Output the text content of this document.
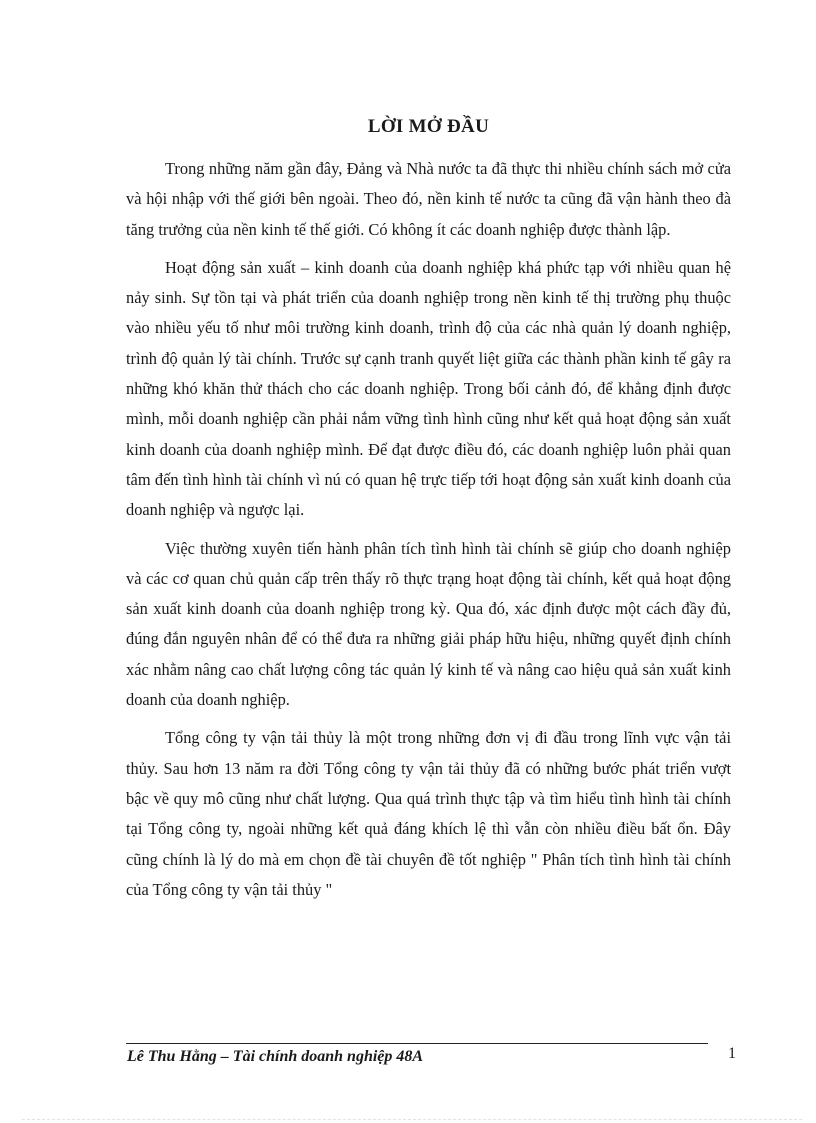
LỜI MỞ ĐẦU

Trong những năm gần đây, Đảng và Nhà nước ta đã thực thi nhiều chính sách mở cửa và hội nhập với thế giới bên ngoài. Theo đó, nền kinh tế nước ta cũng đã vận hành theo đà tăng trưởng của nền kinh tế thế giới. Có không ít các doanh nghiệp được thành lập.

Hoạt động sản xuất – kinh doanh của doanh nghiệp khá phức tạp với nhiều quan hệ nảy sinh. Sự tồn tại và phát triển của doanh nghiệp trong nền kinh tế thị trường phụ thuộc vào nhiều yếu tố như môi trường kinh doanh, trình độ của các nhà quản lý doanh nghiệp, trình độ quản lý tài chính. Trước sự cạnh tranh quyết liệt giữa các thành phần kinh tế gây ra những khó khăn thử thách cho các doanh nghiệp. Trong bối cảnh đó, để khẳng định được mình, mỗi doanh nghiệp cần phải nắm vững tình hình cũng như kết quả hoạt động sản xuất kinh doanh của doanh nghiệp mình. Để đạt được điều đó, các doanh nghiệp luôn phải quan tâm đến tình hình tài chính vì nú có quan hệ trực tiếp tới hoạt động sản xuất kinh doanh của doanh nghiệp và ngược lại.

Việc thường xuyên tiến hành phân tích tình hình tài chính sẽ giúp cho doanh nghiệp và các cơ quan chủ quản cấp trên thấy rõ thực trạng hoạt động tài chính, kết quả hoạt động sản xuất kinh doanh của doanh nghiệp trong kỳ. Qua đó, xác định được một cách đầy đủ, đúng đắn nguyên nhân để có thể đưa ra những giải pháp hữu hiệu, những quyết định chính xác nhằm nâng cao chất lượng công tác quản lý kinh tế và nâng cao hiệu quả sản xuất kinh doanh của doanh nghiệp.

Tổng công ty vận tải thủy là một trong những đơn vị đi đầu trong lĩnh vực vận tải thủy. Sau hơn 13 năm ra đời Tổng công ty vận tải thủy đã có những bước phát triển vượt bậc về quy mô cũng như chất lượng. Qua quá trình thực tập và tìm hiểu tình hình tài chính tại Tổng công ty, ngoài những kết quả đáng khích lệ thì vẫn còn nhiều điều bất ổn. Đây cũng chính là lý do mà em chọn đề tài chuyên đề tốt nghiệp " Phân tích tình hình tài chính của Tổng công ty vận tải thủy "

Lê Thu Hằng – Tài chính doanh nghiệp 48A	1
